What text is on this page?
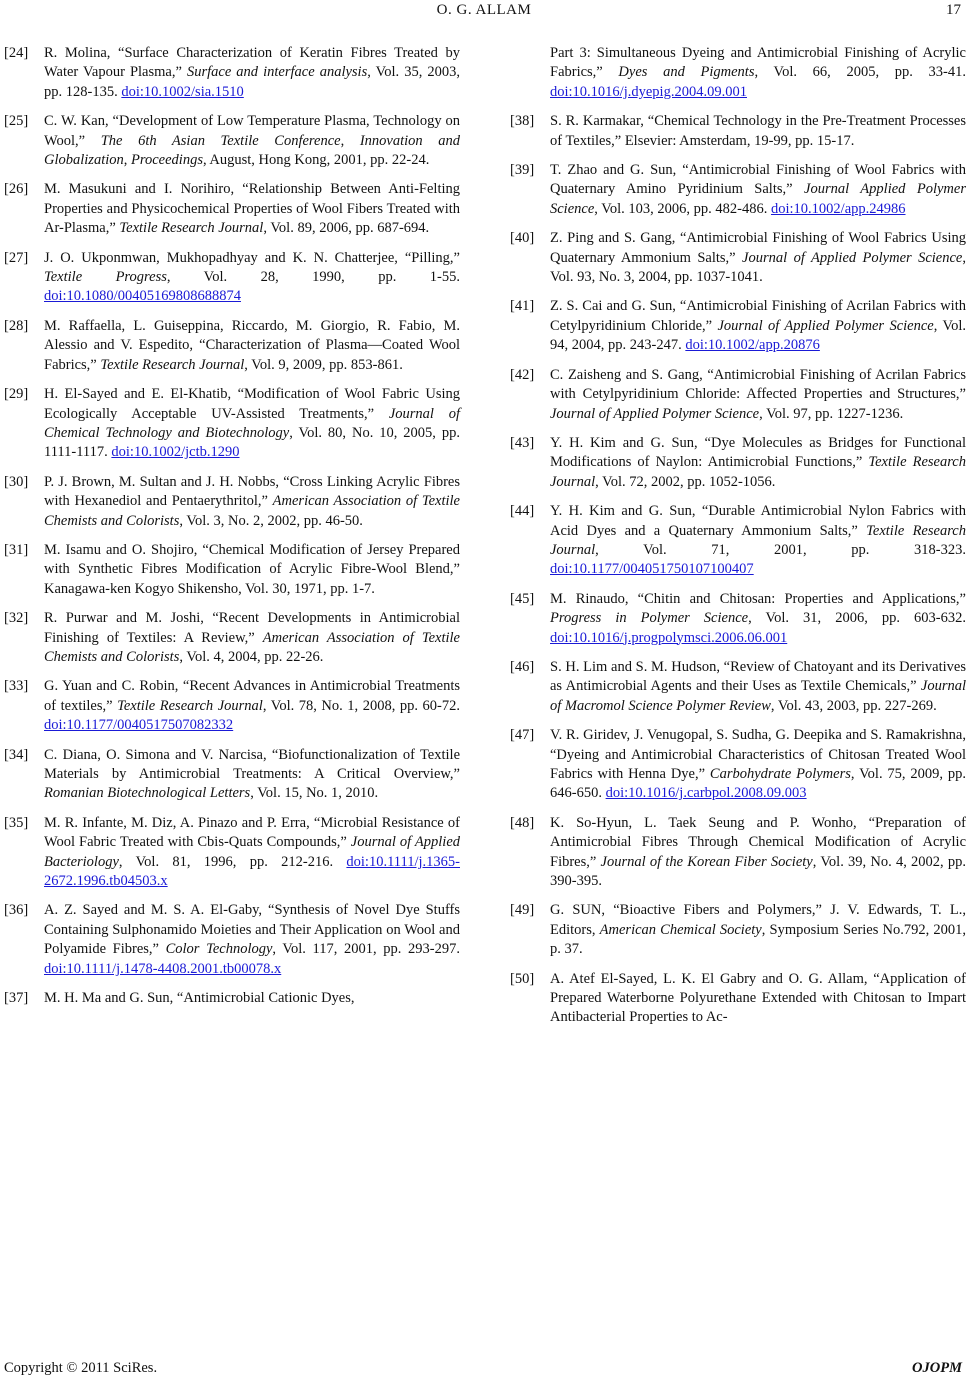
O. G. ALLAM	17
[24]	R. Molina, “Surface Characterization of Keratin Fibres Treated by Water Vapour Plasma,” Surface and interface analysis, Vol. 35, 2003, pp. 128-135. doi:10.1002/sia.1510
[25]	C. W. Kan, “Development of Low Temperature Plasma, Technology on Wool,” The 6th Asian Textile Conference, Innovation and Globalization, Proceedings, August, Hong Kong, 2001, pp. 22-24.
[26]	M. Masukuni and I. Norihiro, “Relationship Between Anti-Felting Properties and Physicochemical Properties of Wool Fibers Treated with Ar-Plasma,” Textile Research Journal, Vol. 89, 2006, pp. 687-694.
[27]	J. O. Ukponmwan, Mukhopadhyay and K. N. Chatterjee, “Pilling,” Textile Progress, Vol. 28, 1990, pp. 1-55. doi:10.1080/00405169808688874
[28]	M. Raffaella, L. Guiseppina, Riccardo, M. Giorgio, R. Fabio, M. Alessio and V. Espedito, “Characterization of Plasma—Coated Wool Fabrics,” Textile Research Journal, Vol. 9, 2009, pp. 853-861.
[29]	H. El-Sayed and E. El-Khatib, “Modification of Wool Fabric Using Ecologically Acceptable UV-Assisted Treatments,” Journal of Chemical Technology and Biotechnology, Vol. 80, No. 10, 2005, pp. 1111-1117. doi:10.1002/jctb.1290
[30]	P. J. Brown, M. Sultan and J. H. Nobbs, “Cross Linking Acrylic Fibres with Hexanediol and Pentaerythritol,” American Association of Textile Chemists and Colorists, Vol. 3, No. 2, 2002, pp. 46-50.
[31]	M. Isamu and O. Shojiro, “Chemical Modification of Jersey Prepared with Synthetic Fibres Modification of Acrylic Fibre-Wool Blend,” Kanagawa-ken Kogyo Shikensho, Vol. 30, 1971, pp. 1-7.
[32]	R. Purwar and M. Joshi, “Recent Developments in Antimicrobial Finishing of Textiles: A Review,” American Association of Textile Chemists and Colorists, Vol. 4, 2004, pp. 22-26.
[33]	G. Yuan and C. Robin, “Recent Advances in Antimicrobial Treatments of textiles,” Textile Research Journal, Vol. 78, No. 1, 2008, pp. 60-72. doi:10.1177/0040517507082332
[34]	C. Diana, O. Simona and V. Narcisa, “Biofunctionalization of Textile Materials by Antimicrobial Treatments: A Critical Overview,” Romanian Biotechnological Letters, Vol. 15, No. 1, 2010.
[35]	M. R. Infante, M. Diz, A. Pinazo and P. Erra, “Microbial Resistance of Wool Fabric Treated with Cbis-Quats Compounds,” Journal of Applied Bacteriology, Vol. 81, 1996, pp. 212-216. doi:10.1111/j.1365-2672.1996.tb04503.x
[36]	A. Z. Sayed and M. S. A. El-Gaby, “Synthesis of Novel Dye Stuffs Containing Sulphonamido Moieties and Their Application on Wool and Polyamide Fibres,” Color Technology, Vol. 117, 2001, pp. 293-297. doi:10.1111/j.1478-4408.2001.tb00078.x
[37]	M. H. Ma and G. Sun, “Antimicrobial Cationic Dyes,
Part 3: Simultaneous Dyeing and Antimicrobial Finishing of Acrylic Fabrics,” Dyes and Pigments, Vol. 66, 2005, pp. 33-41. doi:10.1016/j.dyepig.2004.09.001
[38]	S. R. Karmakar, “Chemical Technology in the Pre-Treatment Processes of Textiles,” Elsevier: Amsterdam, 19-99, pp. 15-17.
[39]	T. Zhao and G. Sun, “Antimicrobial Finishing of Wool Fabrics with Quaternary Amino Pyridinium Salts,” Journal Applied Polymer Science, Vol. 103, 2006, pp. 482-486. doi:10.1002/app.24986
[40]	Z. Ping and S. Gang, “Antimicrobial Finishing of Wool Fabrics Using Quaternary Ammonium Salts,” Journal of Applied Polymer Science, Vol. 93, No. 3, 2004, pp. 1037-1041.
[41]	Z. S. Cai and G. Sun, “Antimicrobial Finishing of Acrilan Fabrics with Cetylpyridinium Chloride,” Journal of Applied Polymer Science, Vol. 94, 2004, pp. 243-247. doi:10.1002/app.20876
[42]	C. Zaisheng and S. Gang, “Antimicrobial Finishing of Acrilan Fabrics with Cetylpyridinium Chloride: Affected Properties and Structures,” Journal of Applied Polymer Science, Vol. 97, pp. 1227-1236.
[43]	Y. H. Kim and G. Sun, “Dye Molecules as Bridges for Functional Modifications of Naylon: Antimicrobial Functions,” Textile Research Journal, Vol. 72, 2002, pp. 1052-1056.
[44]	Y. H. Kim and G. Sun, “Durable Antimicrobial Nylon Fabrics with Acid Dyes and a Quaternary Ammonium Salts,” Textile Research Journal, Vol. 71, 2001, pp. 318-323. doi:10.1177/004051750107100407
[45]	M. Rinaudo, “Chitin and Chitosan: Properties and Applications,” Progress in Polymer Science, Vol. 31, 2006, pp. 603-632. doi:10.1016/j.progpolymsci.2006.06.001
[46]	S. H. Lim and S. M. Hudson, “Review of Chatoyant and its Derivatives as Antimicrobial Agents and their Uses as Textile Chemicals,” Journal of Macromol Science Polymer Review, Vol. 43, 2003, pp. 227-269.
[47]	V. R. Giridev, J. Venugopal, S. Sudha, G. Deepika and S. Ramakrishna, “Dyeing and Antimicrobial Characteristics of Chitosan Treated Wool Fabrics with Henna Dye,” Carbohydrate Polymers, Vol. 75, 2009, pp. 646-650. doi:10.1016/j.carbpol.2008.09.003
[48]	K. So-Hyun, L. Taek Seung and P. Wonho, “Preparation of Antimicrobial Fibres Through Chemical Modification of Acrylic Fibres,” Journal of the Korean Fiber Society, Vol. 39, No. 4, 2002, pp. 390-395.
[49]	G. SUN, “Bioactive Fibers and Polymers,” J. V. Edwards, T. L., Editors, American Chemical Society, Symposium Series No.792, 2001, p. 37.
[50]	A. Atef El-Sayed, L. K. El Gabry and O. G. Allam, “Application of Prepared Waterborne Polyurethane Extended with Chitosan to Impart Antibacterial Properties to Ac-
Copyright © 2011 SciRes.	OJOPM
